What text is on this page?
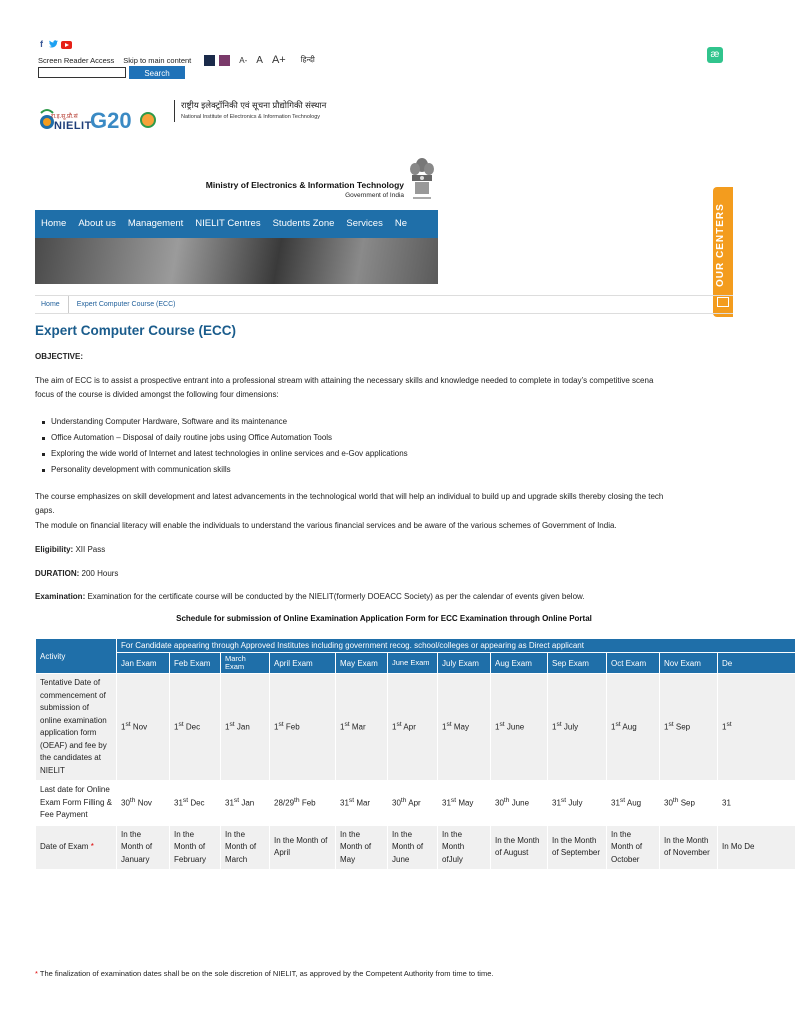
f
Screen Reader Access Skip to main content	A- A A+ हिन्दी
Search
æ
रा.इ.सू.प्रौ.सं
NIELIT
G20
राष्ट्रीय इलेक्ट्रॉनिकी एवं सूचना प्रौद्योगिकी संस्थान
National Institute of Electronics & Information Technology
Ministry of Electronics & Information Technology
Government of India
Home	About us	Management	NIELIT Centres	Students Zone	Services	Ne	OUR CENTERS
Home	Expert Computer Course (ECC)
Expert Computer Course (ECC)
OBJECTIVE:
The aim of ECC is to assist a prospective entrant into a professional stream with attaining the necessary skills and knowledge needed to complete in today’s competitive scena
focus of the course is divided amongst the following four dimensions:
Understanding Computer Hardware, Software and its maintenance
Office Automation – Disposal of daily routine jobs using Office Automation Tools
Exploring the wide world of Internet and latest technologies in online services and e-Gov applications
Personality development with communication skills
The course emphasizes on skill development and latest advancements in the technological world that will help an individual to build up and upgrade skills thereby closing the tech
gaps.
The module on financial literacy will enable the individuals to understand the various financial services and be aware of the various schemes of Government of India.
Eligibility: XII Pass
DURATION: 200 Hours
Examination: Examination for the certificate course will be conducted by the NIELIT(formerly DOEACC Society) as per the calendar of events given below.
Schedule for submission of Online Examination Application Form for ECC Examination through Online Portal
Activity	For Candidate appearing through Approved Institutes including government recog. school/colleges or appearing as Direct applicant											
	Jan Exam	Feb Exam	March Exam	April Exam	May Exam	June Exam	July Exam	Aug Exam	Sep Exam	Oct Exam	Nov Exam	De
Tentative Date of commencement of submission of online examination application form (OEAF) and fee by the candidates at NIELIT	1st Nov	1st Dec	1st Jan	1st Feb	1st Mar	1st Apr	1st May	1st June	1st July	1st Aug	1st Sep	1st
Last date for Online Exam Form Filling & Fee Payment	30th Nov	31st Dec	31st Jan	28/29th Feb	31st Mar	30th Apr	31st May	30th June	31st July	31st Aug	30th Sep	31
Date of Exam *	In the Month of January	In the Month of February	In the Month of March	In the Month of April	In the Month of May	In the Month of June	In the Month ofJuly	In the Month of August	In the Month of September	In the Month of October	In the Month of November	In Mo De
* The finalization of examination dates shall be on the sole discretion of NIELIT, as approved by the Competent Authority from time to time.
